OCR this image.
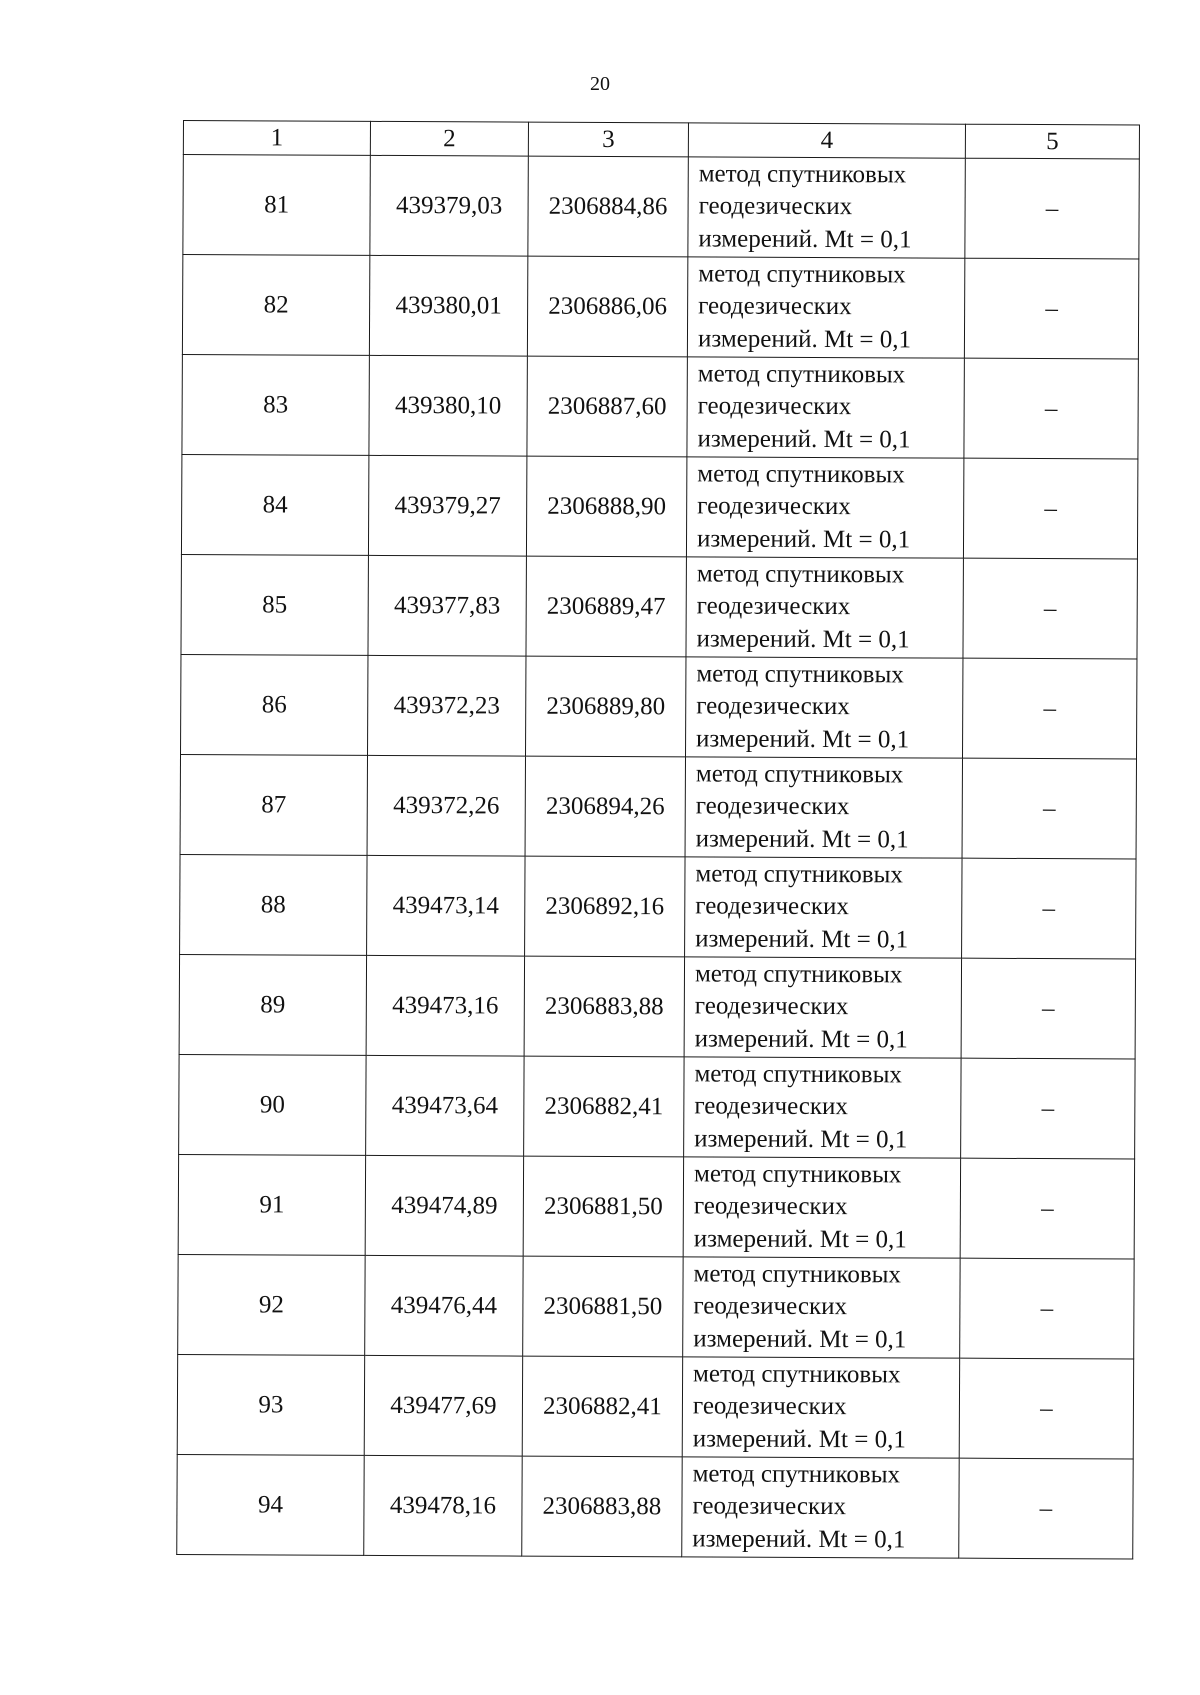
20
1	2	3	4	5
81	439379,03	2306884,86	метод спутниковых
геодезических
измерений. Mt = 0,1	–
82	439380,01	2306886,06	метод спутниковых
геодезических
измерений. Mt = 0,1	–
83	439380,10	2306887,60	метод спутниковых
геодезических
измерений. Mt = 0,1	–
84	439379,27	2306888,90	метод спутниковых
геодезических
измерений. Mt = 0,1	–
85	439377,83	2306889,47	метод спутниковых
геодезических
измерений. Mt = 0,1	–
86	439372,23	2306889,80	метод спутниковых
геодезических
измерений. Mt = 0,1	–
87	439372,26	2306894,26	метод спутниковых
геодезических
измерений. Mt = 0,1	–
88	439473,14	2306892,16	метод спутниковых
геодезических
измерений. Mt = 0,1	–
89	439473,16	2306883,88	метод спутниковых
геодезических
измерений. Mt = 0,1	–
90	439473,64	2306882,41	метод спутниковых
геодезических
измерений. Mt = 0,1	–
91	439474,89	2306881,50	метод спутниковых
геодезических
измерений. Mt = 0,1	–
92	439476,44	2306881,50	метод спутниковых
геодезических
измерений. Mt = 0,1	–
93	439477,69	2306882,41	метод спутниковых
геодезических
измерений. Mt = 0,1	–
94	439478,16	2306883,88	метод спутниковых
геодезических
измерений. Mt = 0,1	–
